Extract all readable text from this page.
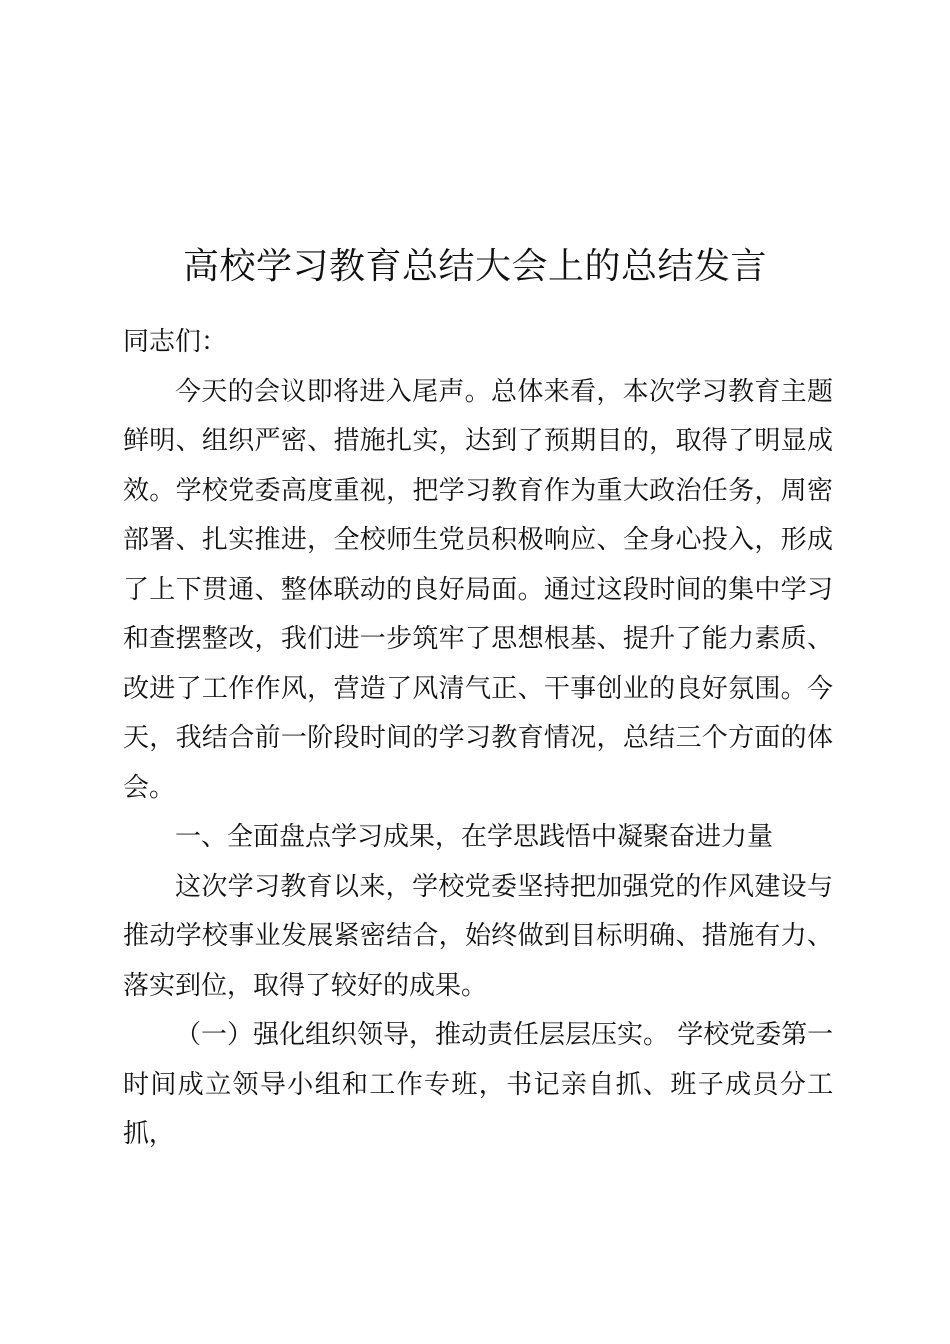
高校学习教育总结大会上的总结发言

同志们：

今天的会议即将进入尾声。总体来看，本次学习教育主题鲜明、组织严密、措施扎实，达到了预期目的，取得了明显成效。学校党委高度重视，把学习教育作为重大政治任务，周密部署、扎实推进，全校师生党员积极响应、全身心投入，形成了上下贯通、整体联动的良好局面。通过这段时间的集中学习和查摆整改，我们进一步筑牢了思想根基、提升了能力素质、改进了工作作风，营造了风清气正、干事创业的良好氛围。今天，我结合前一阶段时间的学习教育情况，总结三个方面的体会。

一、全面盘点学习成果，在学思践悟中凝聚奋进力量

这次学习教育以来，学校党委坚持把加强党的作风建设与推动学校事业发展紧密结合，始终做到目标明确、措施有力、落实到位，取得了较好的成果。

（一）强化组织领导，推动责任层层压实。 学校党委第一时间成立领导小组和工作专班，书记亲自抓、班子成员分工抓，
